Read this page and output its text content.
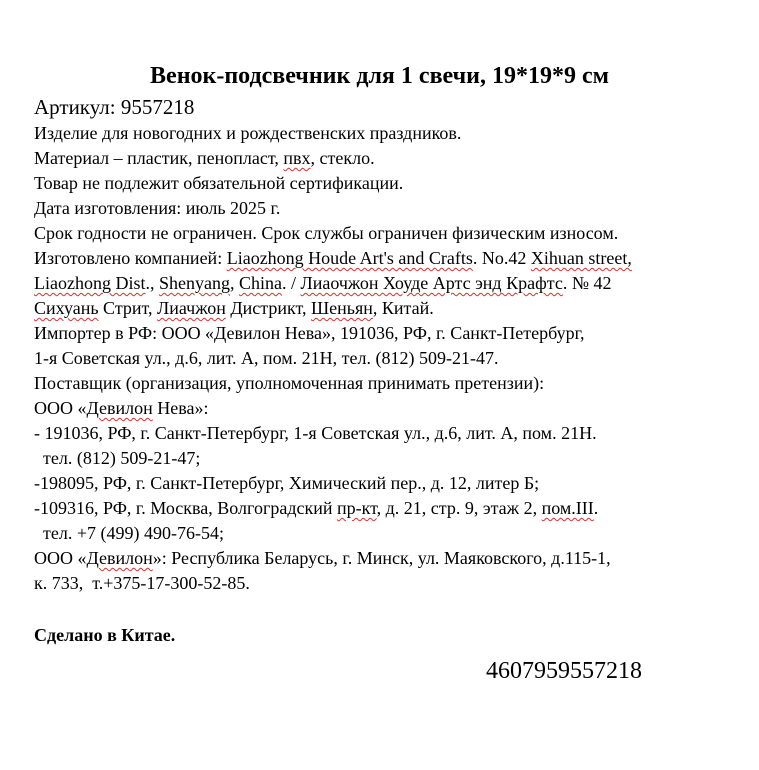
Венок-подсвечник для 1 свечи, 19*19*9 см
Артикул: 9557218
Изделие для новогодних и рождественских праздников.
Материал – пластик, пенопласт, пвх, стекло.
Товар не подлежит обязательной сертификации.
Дата изготовления: июль 2025 г.
Срок годности не ограничен. Срок службы ограничен физическим износом.
Изготовлено компанией: Liaozhong Houde Art's and Crafts. No.42 Xihuan street,
Liaozhong Dist., Shenyang, China. / Лиаочжон Хоуде Артс энд Крафтс. № 42
Сихуань Стрит, Лиачжон Дистрикт, Шеньян, Китай.
Импортер в РФ: ООО «Девилон Нева», 191036, РФ, г. Санкт-Петербург,
1-я Советская ул., д.6, лит. А, пом. 21Н, тел. (812) 509-21-47.
Поставщик (организация, уполномоченная принимать претензии):
ООО «Девилон Нева»:
- 191036, РФ, г. Санкт-Петербург, 1-я Советская ул., д.6, лит. А, пом. 21Н.
тел. (812) 509-21-47;
-198095, РФ, г. Санкт-Петербург, Химический пер., д. 12, литер Б;
-109316, РФ, г. Москва, Волгоградский пр-кт, д. 21, стр. 9, этаж 2, пом.III.
тел. +7 (499) 490-76-54;
ООО «Девилон»: Республика Беларусь, г. Минск, ул. Маяковского, д.115-1,
к. 733,  т.+375-17-300-52-85.
Сделано в Китае.
4607959557218
